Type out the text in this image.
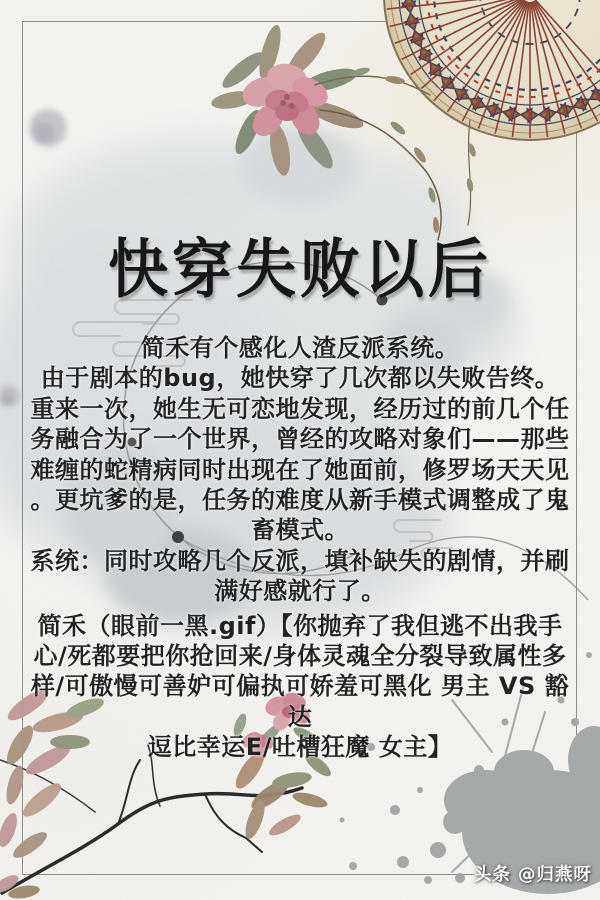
快穿失败以后
简禾有个感化人渣反派系统。
由于剧本的bug，她快穿了几次都以失败告终。
重来一次，她生无可恋地发现，经历过的前几个任
务融合为了一个世界，曾经的攻略对象们——那些
难缠的蛇精病同时出现在了她面前，修罗场天天见
。更坑爹的是，任务的难度从新手模式调整成了鬼
畜模式。
系统：同时攻略几个反派，填补缺失的剧情，并刷
满好感就行了。
简禾（眼前一黑.gif）【你抛弃了我但逃不出我手
心/死都要把你抢回来/身体灵魂全分裂导致属性多
样/可傲慢可善妒可偏执可娇羞可黑化 男主 VS 豁达
逗比幸运E/吐槽狂魔 女主】
头条 @归燕呀
